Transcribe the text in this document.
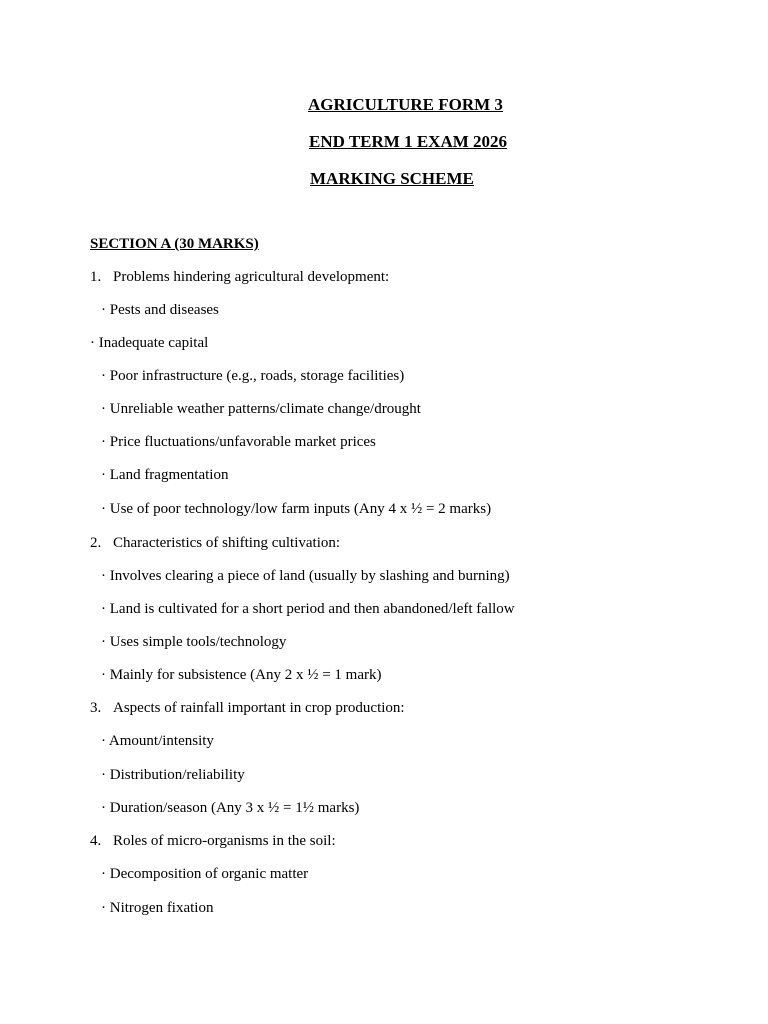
AGRICULTURE FORM 3
END TERM 1 EXAM 2026
MARKING SCHEME
SECTION A (30 MARKS)
1. Problems hindering agricultural development:
· Pests and diseases
· Inadequate capital
· Poor infrastructure (e.g., roads, storage facilities)
· Unreliable weather patterns/climate change/drought
· Price fluctuations/unfavorable market prices
· Land fragmentation
· Use of poor technology/low farm inputs (Any 4 x ½ = 2 marks)
2. Characteristics of shifting cultivation:
· Involves clearing a piece of land (usually by slashing and burning)
· Land is cultivated for a short period and then abandoned/left fallow
· Uses simple tools/technology
· Mainly for subsistence (Any 2 x ½ = 1 mark)
3. Aspects of rainfall important in crop production:
· Amount/intensity
· Distribution/reliability
· Duration/season (Any 3 x ½ = 1½ marks)
4. Roles of micro-organisms in the soil:
· Decomposition of organic matter
· Nitrogen fixation
